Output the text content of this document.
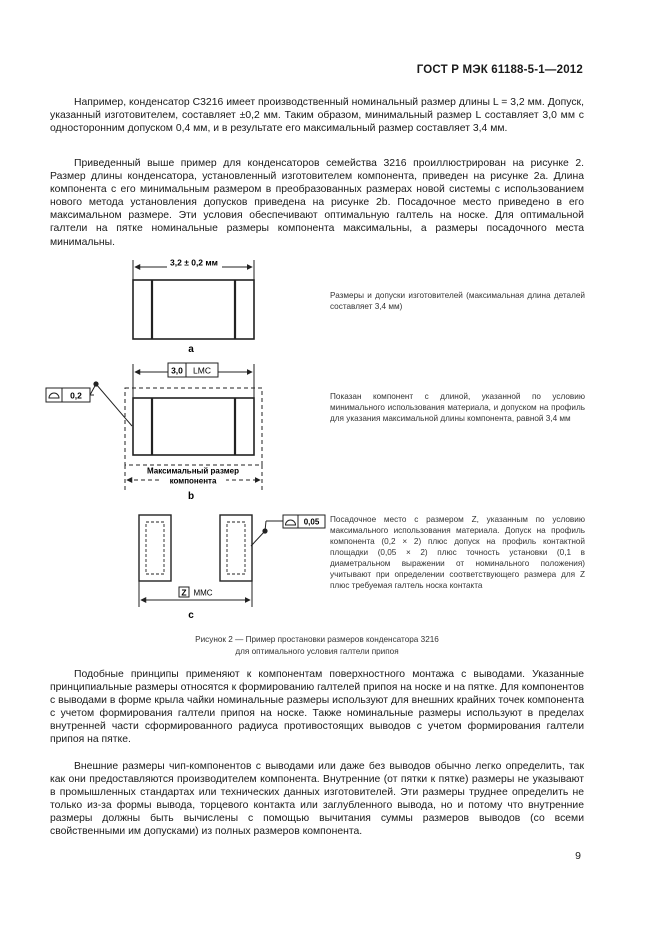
ГОСТ Р МЭК 61188-5-1—2012

Например, конденсатор С3216 имеет производственный номинальный размер длины L = 3,2 мм. Допуск, указанный изготовителем, составляет ±0,2 мм. Таким образом, минимальный размер L составляет 3,0 мм с односторонним допуском 0,4 мм, и в результате его максимальный размер составляет 3,4 мм.

Приведенный выше пример для конденсаторов семейства 3216 проиллюстрирован на рисунке 2. Размер длины конденсатора, установленный изготовителем компонента, приведен на рисунке 2а. Длина компонента с его минимальным размером в преобразованных размерах новой системы с использованием нового метода установления допусков приведена на рисунке 2b. Посадочное место приведено в его максимальном размере. Эти условия обеспечивают оптимальную галтель на носке. Для оптимальной галтели на пятке номинальные размеры компонента максимальны, а размеры посадочного места минимальны.

3,2 ± 0,2 мм
a
3,0 LMC
0,2
Максимальный размер
компонента
b
0,05
Z MMC
c

Размеры и допуски изготовителей (максимальная длина деталей составляет 3,4 мм)

Показан компонент с длиной, указанной по условию минимального использования материала, и допуском на профиль для указания максимальной длины компонента, равной 3,4 мм

Посадочное место с размером Z, указанным по условию максимального использования материала. Допуск на профиль компонента (0,2 × 2) плюс допуск на профиль контактной площадки (0,05 × 2) плюс точность установки (0,1 в диаметральном выражении от номинального положения) учитывают при определении соответствующего размера для Z плюс требуемая галтель носка контакта

Рисунок 2 — Пример простановки размеров конденсатора 3216
для оптимального условия галтели припоя

Подобные принципы применяют к компонентам поверхностного монтажа с выводами. Указанные принципиальные размеры относятся к формированию галтелей припоя на носке и на пятке. Для компонентов с выводами в форме крыла чайки номинальные размеры используют для внешних крайних точек компонента с учетом формирования галтели припоя на носке. Также номинальные размеры используют в пределах внутренней части сформированного радиуса противостоящих выводов с учетом формирования галтели припоя на пятке.

Внешние размеры чип-компонентов с выводами или даже без выводов обычно легко определить, так как они предоставляются производителем компонента. Внутренние (от пятки к пятке) размеры не указывают в промышленных стандартах или технических данных изготовителей. Эти размеры труднее определить не только из-за формы вывода, торцевого контакта или заглубленного вывода, но и потому что внутренние размеры должны быть вычислены с помощью вычитания суммы размеров выводов (со всеми свойственными им допусками) из полных размеров компонента.

9
